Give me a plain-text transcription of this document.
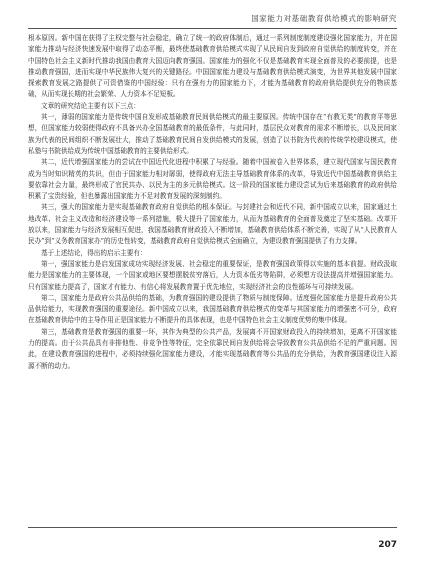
国家能力对基础教育供给模式的影响研究

根本原因。新中国在获得了主权完整与社会稳定，确立了统一的政府体制后，通过一系列制度制度建设强化国家能力，并在国家能力推动与经济快速发展中取得了动态平衡，最终使基础教育供给模式实现了从民间自发到政府自觉供给的制度转变，并在中国特色社会主义新时代推动我国由教育大国迈向教育强国。国家能力的强化不仅是基础教育实现全面普及的必要前提，也是推动教育强国，进而实现中华民族伟大复兴的关键路径。中国国家能力建设与基础教育供给模式演变，为世界其他发展中国家探索教育发展之路提供了可资借鉴的中国经验：只有在强有力的国家能力下，才能为基础教育的政府供给提供充分的物质基础，从而实现长期的社会繁荣、人力资本不足短板。

文章的研究结论主要有以下三点：

其一，薄弱的国家能力是传统中国自发形成基础教育民间供给模式的最主要原因。传统中国存在“有教无类”的教育平等思想，但国家能力较弱使得政府不具备兴办全国基础教育的最低条件，与此同时，基层民众对教育的需求不断增长，以及民间家族为代表的民间组织不断发展壮大，推动了基础教育民间自发供给模式的发展，创造了以书院为代表的传统学校建设模式，使私塾与书院供给成为传统中国基础教育的主要供给形式。

其二，近代增强国家能力的尝试在中国近代化进程中积累了与经验。随着中国被卷入世界体系，建立现代国家与国民教育成为当时知识精英的共识，但由于国家能力相对孱弱，使得政府无法主导基础教育体系的改革，导致近代中国基础教育供给主要依靠社会力量，最终形成了官民共办、以民为主的多元供给模式。这一阶段的国家能力建设尝试为后来基础教育的政府供给积累了宝贵经验，但也暴露出国家能力不足对教育发展的深刻制约。

其三，强大的国家能力是实现基础教育政府自觉供给的根本保证。与封建社会和近代不同，新中国成立以来，国家通过土地改革、社会主义改造和经济建设等一系列措施，极大提升了国家能力，从而为基础教育的全面普及奠定了坚实基础。改革开放以来，国家能力与经济发展相互促进，我国基础教育财政投入不断增加，基础教育供给体系不断完善，实现了从“人民教育人民办”到“义务教育国家办”的历史性转变，基础教育政府自觉供给模式全面确立，为建设教育强国提供了有力支撑。

基于上述结论，得出的启示主要有：

第一，强国家能力是启发国家成功实现经济发展、社会稳定的重要保证，是教育强国政策得以实施的基本前提。财政汲取能力是国家能力的主要体现，一个国家或地区要想摆脱贫穷落后，人力资本低劣等陷阱，必须想方设法提高并增强国家能力。只有国家能力提高了，国家才有能力、有信心将发展教育置于优先地位，实现经济社会的良性循环与可持续发展。

第二，国家能力是政府公共品供给的基础，为教育强国的建设提供了物质与制度保障。适度强化国家能力是提升政府公共品供给能力，实现教育强国的重要途径。新中国成立以来，我国基础教育供给模式的变革与其国家能力的增强密不可分，政府在基础教育供给中的主导作用正是国家能力不断提升的具体表现，也是中国特色社会主义制度优势的集中体现。

第三，基础教育是教育强国的重要一环，其作为典型的公共产品，发展离不开国家财政投入的持续增加，更离不开国家能力的提高。由于公共品具有非排他性、非竞争性等特征，完全依靠民间自发供给将会导致教育公共品供给不足的严重问题。因此，在建设教育强国的进程中，必须持续强化国家能力建设，才能实现基础教育等公共品的充分供给，为教育强国建设注入源源不断的动力。

207
